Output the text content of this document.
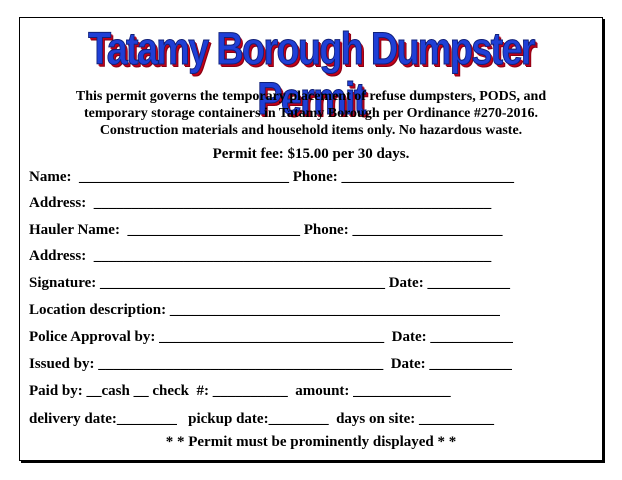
Tatamy Borough Dumpster Permit
This permit governs the temporary placement of refuse dumpsters, PODS, and
temporary storage containers in Tatamy Borough per Ordinance #270-2016.
Construction materials and household items only. No hazardous waste.
Permit fee: $15.00 per 30 days.
Name:  ____________________________ Phone: _______________________
Address:  _____________________________________________________
Hauler Name:  _______________________ Phone: ____________________
Address:  _____________________________________________________
Signature: ______________________________________ Date: ___________
Location description: ____________________________________________
Police Approval by: ______________________________  Date: ___________
Issued by: ______________________________________  Date: ___________
Paid by: __cash __ check  #: __________  amount: _____________
delivery date:________   pickup date:________  days on site: __________
* * Permit must be prominently displayed * *
